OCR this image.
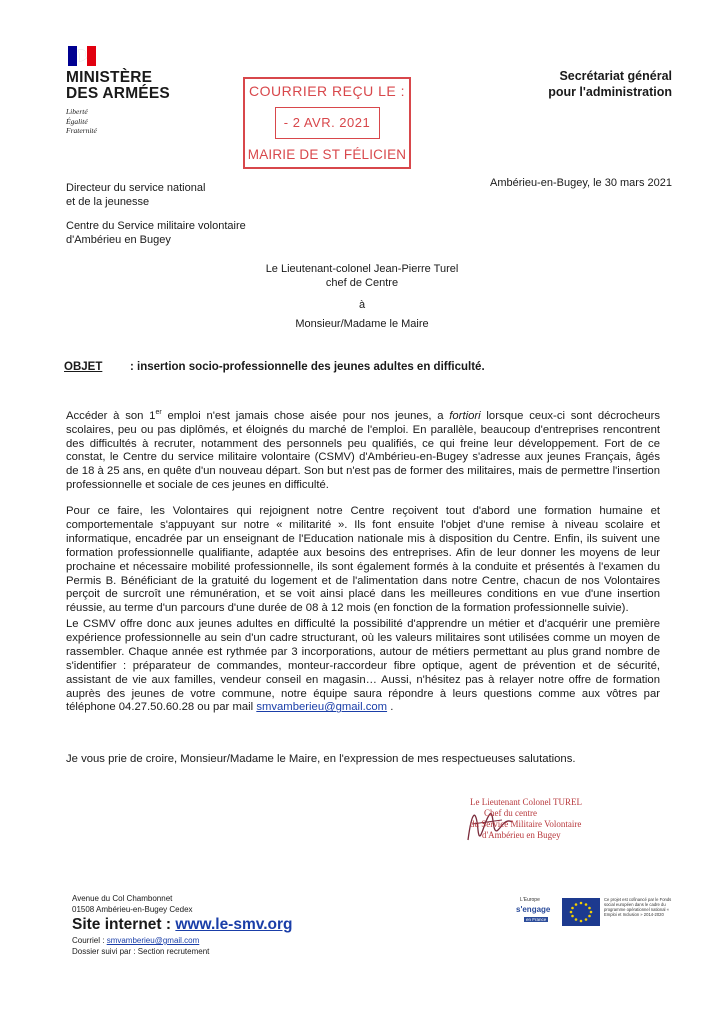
MINISTÈRE
DES ARMÉES
Liberté
Égalité
Fraternité
Secrétariat général
pour l'administration
COURRIER REÇU LE :
- 2 AVR. 2021
MAIRIE DE ST FÉLICIEN
Ambérieu-en-Bugey, le 30 mars 2021
Directeur du service national
et de la jeunesse
Centre du Service militaire volontaire
d'Ambérieu en Bugey
Le Lieutenant-colonel Jean-Pierre Turel
chef de Centre
à
Monsieur/Madame le Maire
OBJET : insertion socio-professionnelle des jeunes adultes en difficulté.
Accéder à son 1er emploi n'est jamais chose aisée pour nos jeunes, a fortiori lorsque ceux-ci sont décrocheurs scolaires, peu ou pas diplômés, et éloignés du marché de l'emploi. En parallèle, beaucoup d'entreprises rencontrent des difficultés à recruter, notamment des personnels peu qualifiés, ce qui freine leur développement. Fort de ce constat, le Centre du service militaire volontaire (CSMV) d'Ambérieu-en-Bugey s'adresse aux jeunes Français, âgés de 18 à 25 ans, en quête d'un nouveau départ. Son but n'est pas de former des militaires, mais de permettre l'insertion professionnelle et sociale de ces jeunes en difficulté.
Pour ce faire, les Volontaires qui rejoignent notre Centre reçoivent tout d'abord une formation humaine et comportementale s'appuyant sur notre « militarité ». Ils font ensuite l'objet d'une remise à niveau scolaire et informatique, encadrée par un enseignant de l'Education nationale mis à disposition du Centre. Enfin, ils suivent une formation professionnelle qualifiante, adaptée aux besoins des entreprises. Afin de leur donner les moyens de leur prochaine et nécessaire mobilité professionnelle, ils sont également formés à la conduite et présentés à l'examen du Permis B. Bénéficiant de la gratuité du logement et de l'alimentation dans notre Centre, chacun de nos Volontaires perçoit de surcroît une rémunération, et se voit ainsi placé dans les meilleures conditions en vue d'une insertion réussie, au terme d'un parcours d'une durée de 08 à 12 mois (en fonction de la formation professionnelle suivie).
Le CSMV offre donc aux jeunes adultes en difficulté la possibilité d'apprendre un métier et d'acquérir une première expérience professionnelle au sein d'un cadre structurant, où les valeurs militaires sont utilisées comme un moyen de rassembler. Chaque année est rythmée par 3 incorporations, autour de métiers permettant au plus grand nombre de s'identifier : préparateur de commandes, monteur-raccordeur fibre optique, agent de prévention et de sécurité, assistant de vie aux familles, vendeur conseil en magasin… Aussi, n'hésitez pas à relayer notre offre de formation auprès des jeunes de votre commune, notre équipe saura répondre à leurs questions comme aux vôtres par téléphone 04.27.50.60.28 ou par mail smvamberieu@gmail.com .
Je vous prie de croire, Monsieur/Madame le Maire, en l'expression de mes respectueuses salutations.
Le Lieutenant Colonel TUREL
Chef du centre
du Service Militaire Volontaire
d'Ambérieu en Bugey
Avenue du Col Chambonnet
01508 Ambérieu-en-Bugey Cedex
Site internet : www.le-smv.org
Courriel : smvamberieu@gmail.com
Dossier suivi par : Section recrutement
L'Europe
s'engage
en France
Ce projet est cofinancé par le Fonds social européen dans le cadre du programme opérationnel national « Emploi et Inclusion » 2014-2020
